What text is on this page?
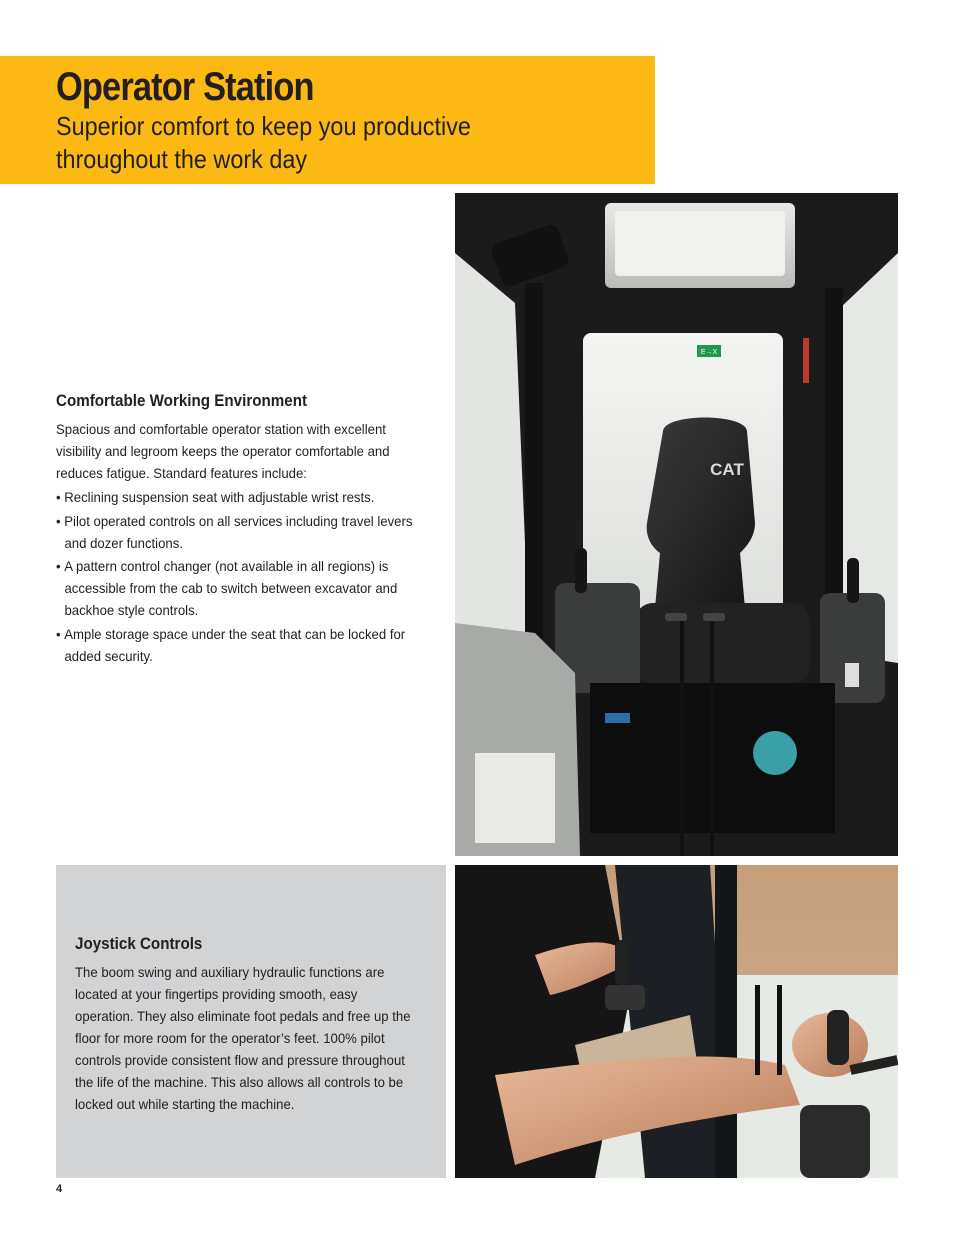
Operator Station

Superior comfort to keep you productive throughout the work day

Comfortable Working Environment

Spacious and comfortable operator station with excellent visibility and legroom keeps the operator comfortable and reduces fatigue. Standard features include:

• Reclining suspension seat with adjustable wrist rests.
• Pilot operated controls on all services including travel levers and dozer functions.
• A pattern control changer (not available in all regions) is accessible from the cab to switch between excavator and backhoe style controls.
• Ample storage space under the seat that can be locked for added security.
E→X
CAT
Joystick Controls

The boom swing and auxiliary hydraulic functions are located at your fingertips providing smooth, easy operation. They also eliminate foot pedals and free up the floor for more room for the operator’s feet. 100% pilot controls provide consistent flow and pressure throughout the life of the machine. This also allows all controls to be locked out while starting the machine.

4
